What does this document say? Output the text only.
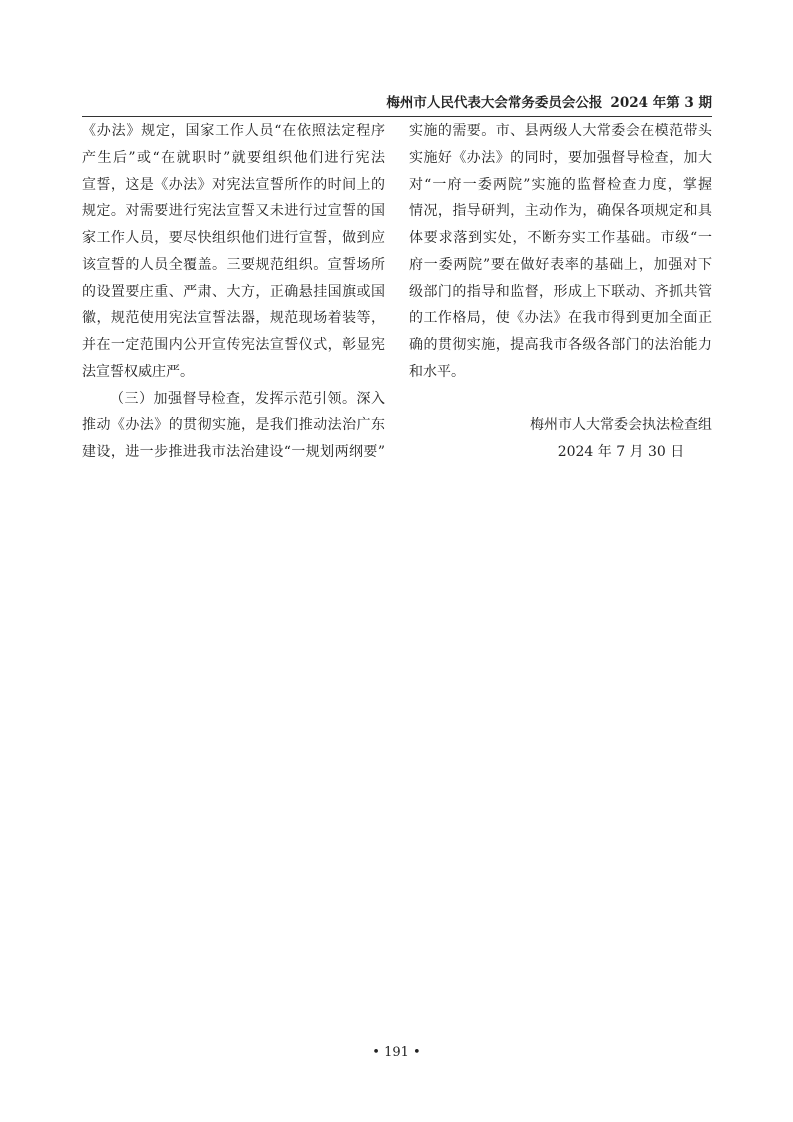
梅州市人民代表大会常务委员会公报 2024 年第 3 期
《办法》规定，国家工作人员“在依照法定程序
产生后”或“在就职时”就要组织他们进行宪法
宣誓，这是《办法》对宪法宣誓所作的时间上的
规定。对需要进行宪法宣誓又未进行过宣誓的国
家工作人员，要尽快组织他们进行宣誓，做到应
该宣誓的人员全覆盖。三要规范组织。宣誓场所
的设置要庄重、严肃、大方，正确悬挂国旗或国
徽，规范使用宪法宣誓法器，规范现场着装等，
并在一定范围内公开宣传宪法宣誓仪式，彰显宪
法宣誓权威庄严。
（三）加强督导检查，发挥示范引领。深入
推动《办法》的贯彻实施，是我们推动法治广东
建设，进一步推进我市法治建设“一规划两纲要”
实施的需要。市、县两级人大常委会在模范带头
实施好《办法》的同时，要加强督导检查，加大
对“一府一委两院”实施的监督检查力度，掌握
情况，指导研判，主动作为，确保各项规定和具
体要求落到实处，不断夯实工作基础。市级“一
府一委两院”要在做好表率的基础上，加强对下
级部门的指导和监督，形成上下联动、齐抓共管
的工作格局，使《办法》在我市得到更加全面正
确的贯彻实施，提高我市各级各部门的法治能力
和水平。
梅州市人大常委会执法检查组
2024 年 7 月 30 日
• 191 •
